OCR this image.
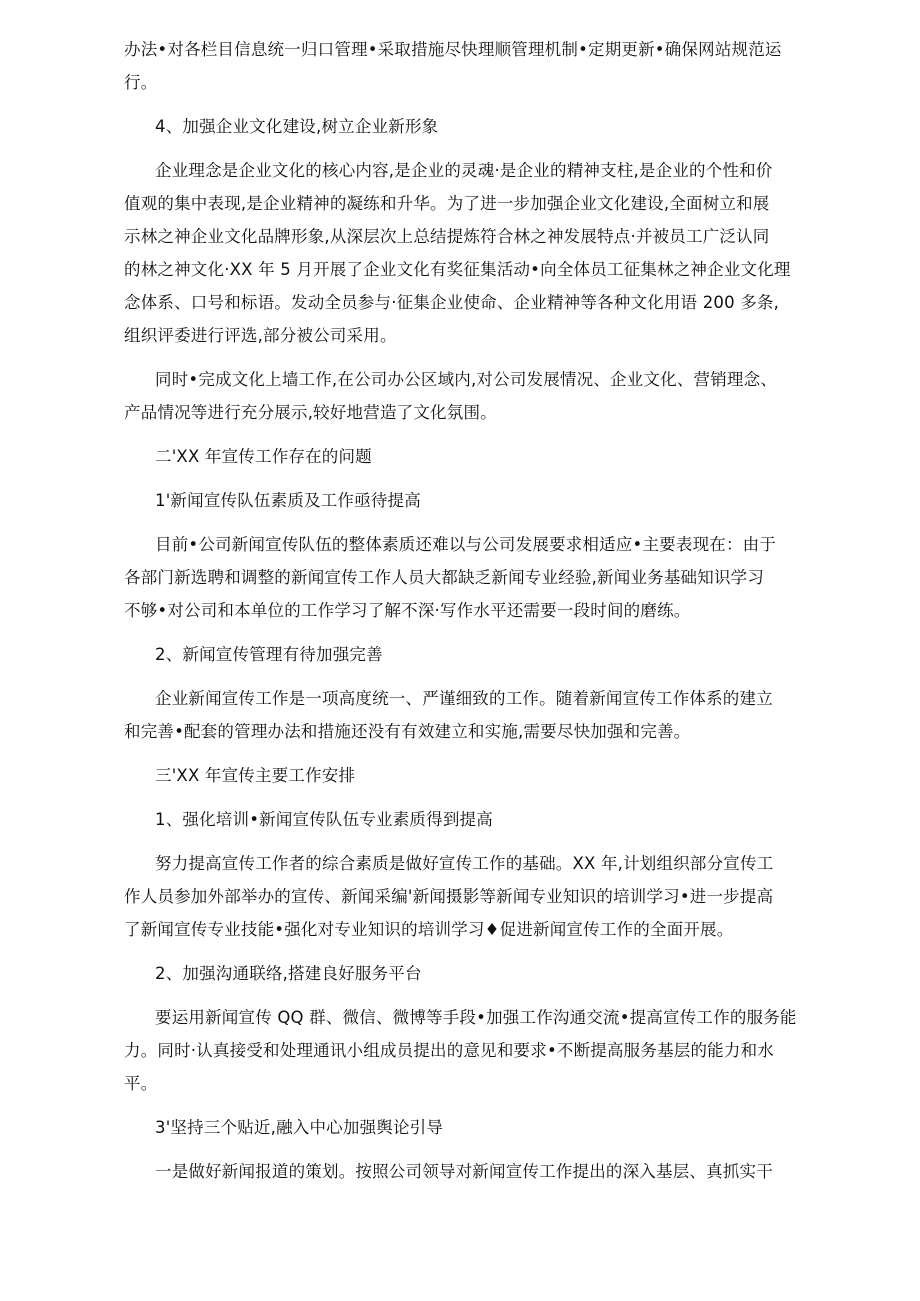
办法•对各栏目信息统一归口管理•采取措施尽快理顺管理机制•定期更新•确保网站规范运
行。
4、加强企业文化建设,树立企业新形象
企业理念是企业文化的核心内容,是企业的灵魂·是企业的精神支柱,是企业的个性和价
值观的集中表现,是企业精神的凝练和升华。为了进一步加强企业文化建设,全面树立和展
示林之神企业文化品牌形象,从深层次上总结提炼符合林之神发展特点·并被员工广泛认同
的林之神文化·XX 年 5 月开展了企业文化有奖征集活动•向全体员工征集林之神企业文化理
念体系、口号和标语。发动全员参与·征集企业使命、企业精神等各种文化用语 200 多条,
组织评委进行评选,部分被公司采用。
同时•完成文化上墙工作,在公司办公区域内,对公司发展情况、企业文化、营销理念、
产品情况等进行充分展示,较好地营造了文化氛围。
二'XX 年宣传工作存在的问题
1'新闻宣传队伍素质及工作亟待提高
目前•公司新闻宣传队伍的整体素质还难以与公司发展要求相适应•主要表现在：由于
各部门新选聘和调整的新闻宣传工作人员大都缺乏新闻专业经验,新闻业务基础知识学习
不够•对公司和本单位的工作学习了解不深·写作水平还需要一段时间的磨练。
2、新闻宣传管理有待加强完善
企业新闻宣传工作是一项高度统一、严谨细致的工作。随着新闻宣传工作体系的建立
和完善•配套的管理办法和措施还没有有效建立和实施,需要尽快加强和完善。
三'XX 年宣传主要工作安排
1、强化培训•新闻宣传队伍专业素质得到提高
努力提高宣传工作者的综合素质是做好宣传工作的基础。XX 年,计划组织部分宣传工
作人员参加外部举办的宣传、新闻采编'新闻摄影等新闻专业知识的培训学习•进一步提高
了新闻宣传专业技能•强化对专业知识的培训学习♦促进新闻宣传工作的全面开展。
2、加强沟通联络,搭建良好服务平台
要运用新闻宣传 QQ 群、微信、微博等手段•加强工作沟通交流•提高宣传工作的服务能
力。同时·认真接受和处理通讯小组成员提出的意见和要求•不断提高服务基层的能力和水
平。
3'坚持三个贴近,融入中心加强舆论引导
一是做好新闻报道的策划。按照公司领导对新闻宣传工作提出的深入基层、真抓实干
